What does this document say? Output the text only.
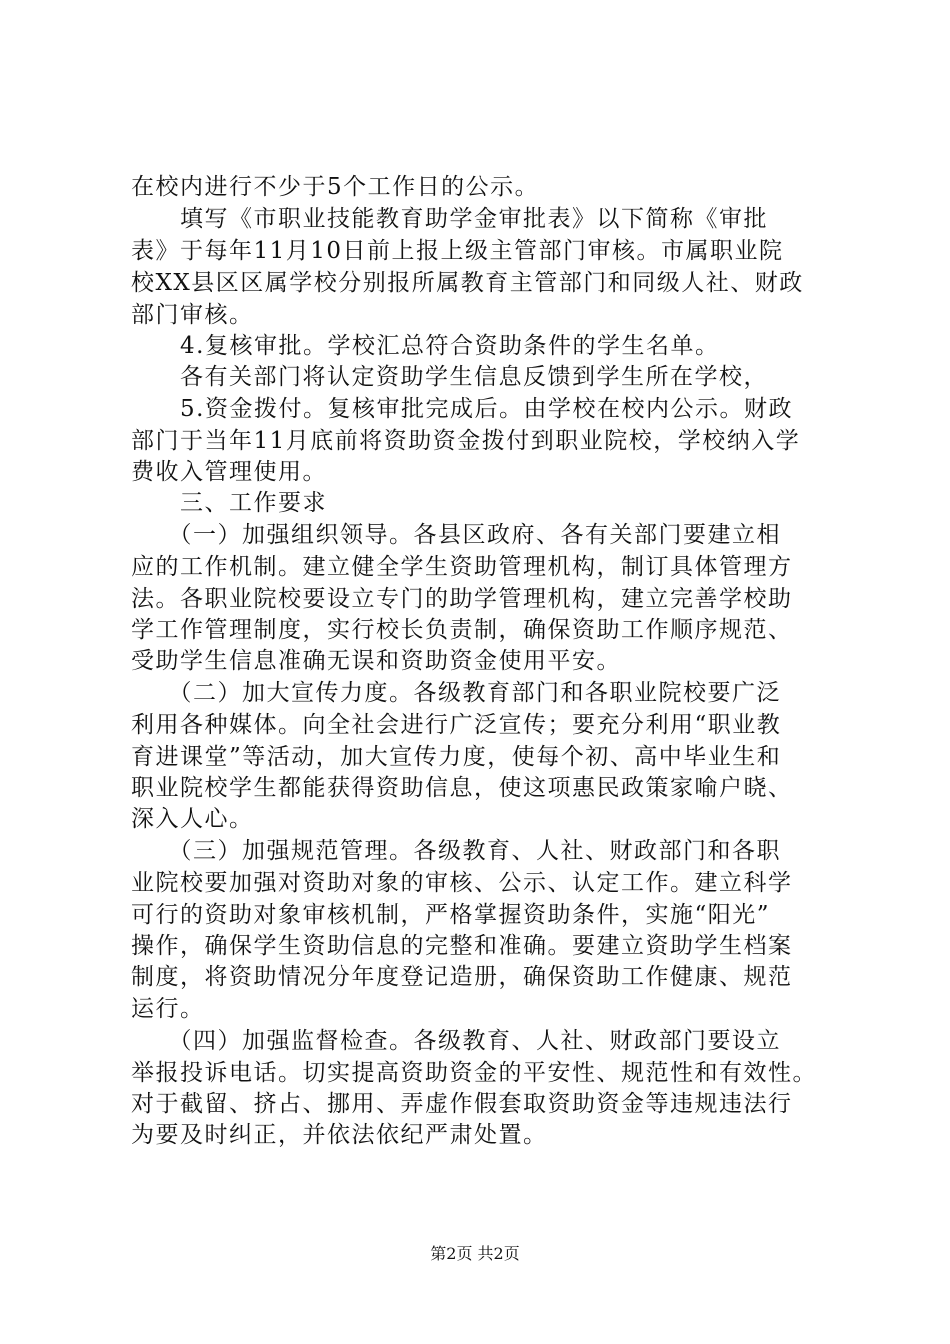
在校内进行不少于5个工作日的公示。
　　填写《市职业技能教育助学金审批表》以下简称《审批
表》于每年11月10日前上报上级主管部门审核。市属职业院
校XX县区区属学校分别报所属教育主管部门和同级人社、财政
部门审核。
　　4.复核审批。学校汇总符合资助条件的学生名单。
　　各有关部门将认定资助学生信息反馈到学生所在学校，
　　5.资金拨付。复核审批完成后。由学校在校内公示。财政
部门于当年11月底前将资助资金拨付到职业院校，学校纳入学
费收入管理使用。
　　三、工作要求
　　（一）加强组织领导。各县区政府、各有关部门要建立相
应的工作机制。建立健全学生资助管理机构，制订具体管理方
法。各职业院校要设立专门的助学管理机构，建立完善学校助
学工作管理制度，实行校长负责制，确保资助工作顺序规范、
受助学生信息准确无误和资助资金使用平安。
　　（二）加大宣传力度。各级教育部门和各职业院校要广泛
利用各种媒体。向全社会进行广泛宣传；要充分利用“职业教
育进课堂”等活动，加大宣传力度，使每个初、高中毕业生和
职业院校学生都能获得资助信息，使这项惠民政策家喻户晓、
深入人心。
　　（三）加强规范管理。各级教育、人社、财政部门和各职
业院校要加强对资助对象的审核、公示、认定工作。建立科学
可行的资助对象审核机制，严格掌握资助条件，实施“阳光”
操作，确保学生资助信息的完整和准确。要建立资助学生档案
制度，将资助情况分年度登记造册，确保资助工作健康、规范
运行。
　　（四）加强监督检查。各级教育、人社、财政部门要设立
举报投诉电话。切实提高资助资金的平安性、规范性和有效性。
对于截留、挤占、挪用、弄虚作假套取资助资金等违规违法行
为要及时纠正，并依法依纪严肃处置。
第2页 共2页
